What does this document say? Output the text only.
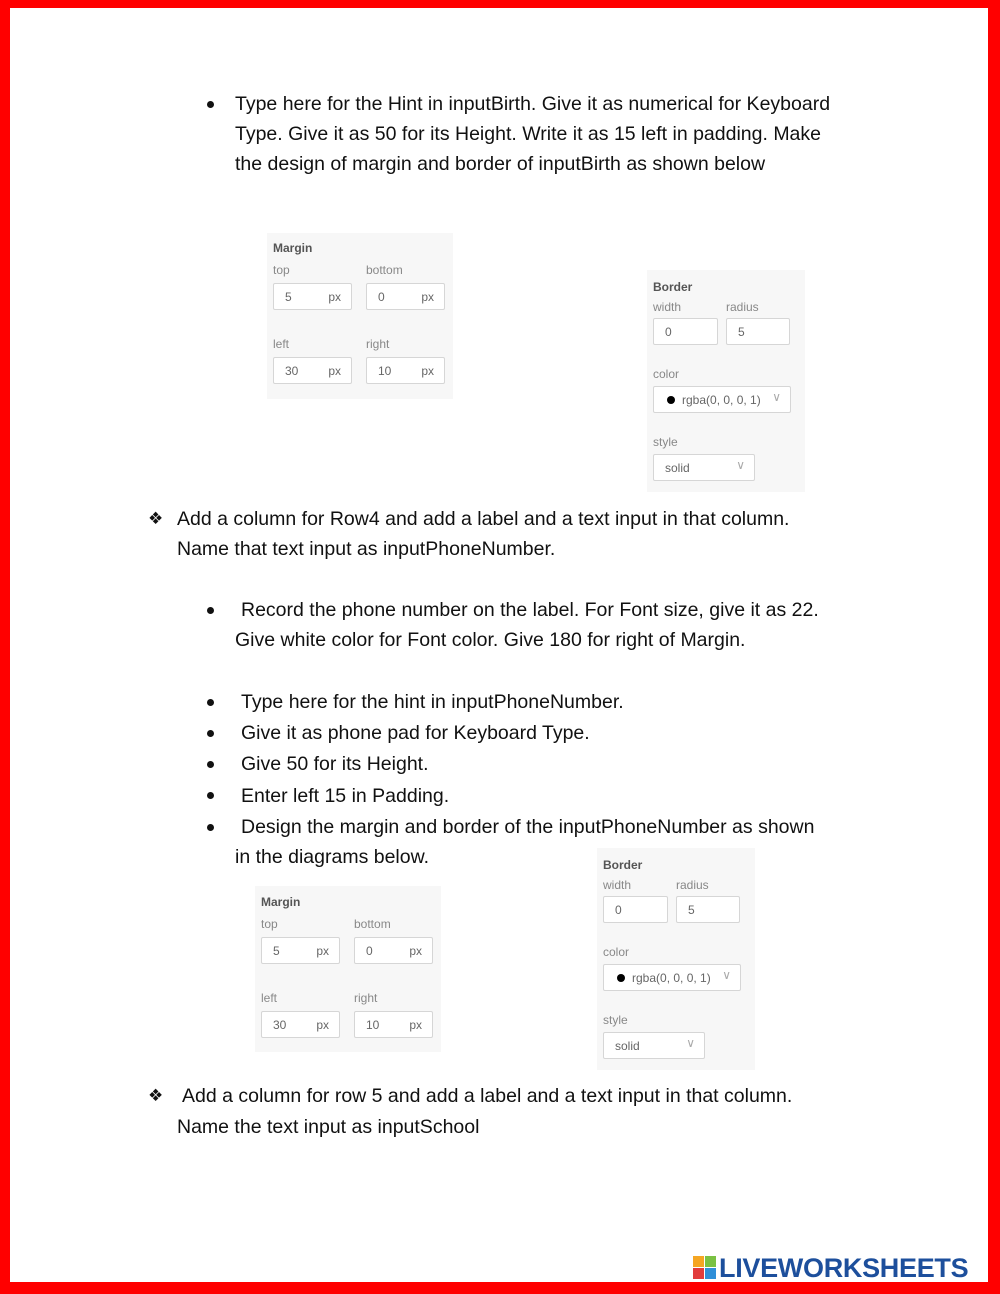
Type here for the Hint in inputBirth. Give it as numerical for Keyboard
Type. Give it as 50 for its Height. Write it as 15 left in padding. Make
the design of margin and border of inputBirth as shown below
Margin
top	bottom
5	px	0	px
left	right
30 px	10 px
Border
width	radius
0	5
color
rgba(0, 0, 0, 1) ∨
style
solid	∨
❖ Add a column for Row4 and add a label and a text input in that column.
Name that text input as inputPhoneNumber.
Record the phone number on the label. For Font size, give it as 22.
Give white color for Font color. Give 180 for right of Margin.
Type here for the hint in inputPhoneNumber.
Give it as phone pad for Keyboard Type.
Give 50 for its Height.
Enter left 15 in Padding.
Design the margin and border of the inputPhoneNumber as shown
in the diagrams below.
Margin
top	bottom
5	px	0	px
left	right
30 px	10 px
Border
width	radius
0	5
color
rgba(0, 0, 0, 1) ∨
style
solid	∨
❖ Add a column for row 5 and add a label and a text input in that column.
Name the text input as inputSchool
LIVEWORKSHEETS
